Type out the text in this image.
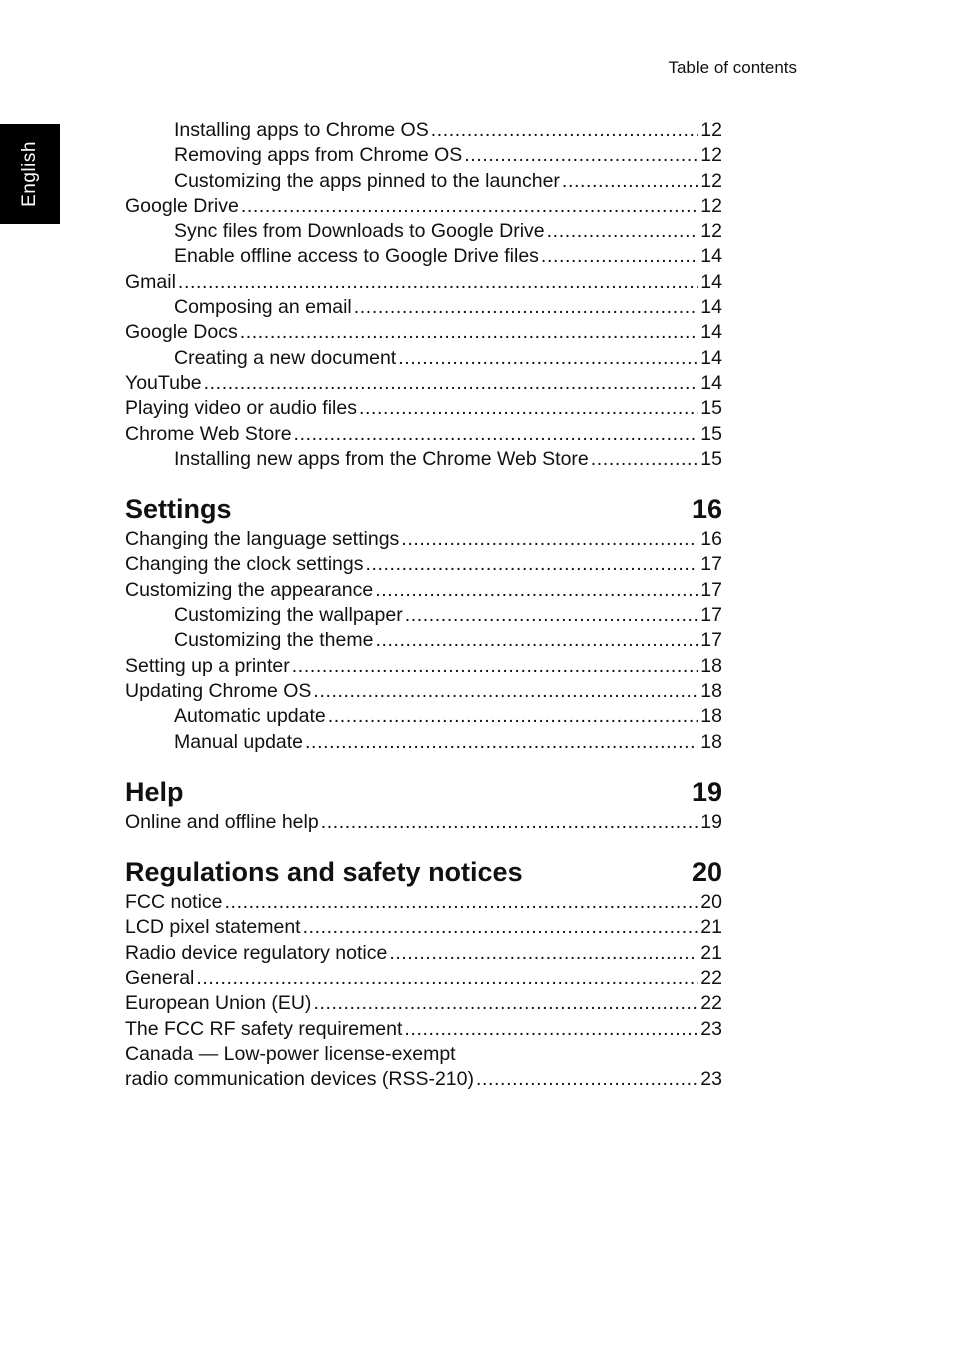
Table of contents
English
Installing apps to Chrome OS .....	12
Removing apps from Chrome OS .....	12
Customizing the apps pinned to the launcher .....	12
Google Drive .....	12
Sync files from Downloads to Google Drive .....	12
Enable offline access to Google Drive files .....	14
Gmail .....	14
Composing an email .....	14
Google Docs .....	14
Creating a new document .....	14
YouTube .....	14
Playing video or audio files .....	15
Chrome Web Store .....	15
Installing new apps from the Chrome Web Store .....	15
Settings	16
Changing the language settings .....	16
Changing the clock settings .....	17
Customizing the appearance .....	17
Customizing the wallpaper .....	17
Customizing the theme .....	17
Setting up a printer .....	18
Updating Chrome OS .....	18
Automatic update .....	18
Manual update .....	18
Help	19
Online and offline help .....	19
Regulations and safety notices	20
FCC notice .....	20
LCD pixel statement .....	21
Radio device regulatory notice .....	21
General .....	22
European Union (EU) .....	22
The FCC RF safety requirement .....	23
Canada — Low-power license-exempt
radio communication devices (RSS-210) .....	23
